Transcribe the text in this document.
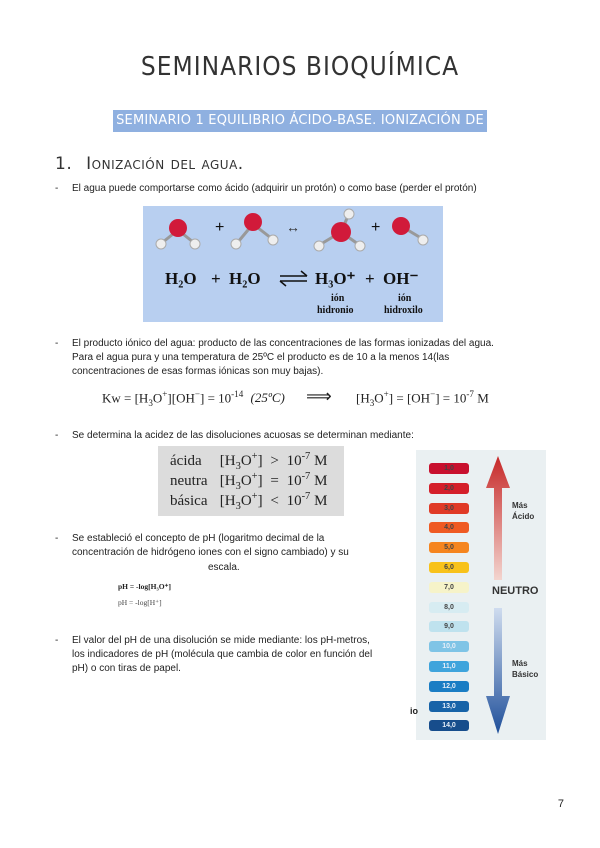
SEMINARIOS BIOQUÍMICA
SEMINARIO 1 EQUILIBRIO ÁCIDO-BASE. IONIZACIÓN DE AMINOÁCIDOS
1. Ionización del agua.
- El agua puede comportarse como ácido (adquirir un protón) o como base (perder el protón)
+	↔	+
H₂O + H₂O	H₃O⁺ + OH⁻
ión
hidronio
ión
hidroxilo
- El producto iónico del agua: producto de las concentraciones de las formas ionizadas del agua.
Para el agua pura y una temperatura de 25ºC el producto es de 10 a la menos 14(las
concentraciones de esas formas iónicas son muy bajas).
$Kw = [H_3O^+][OH^-] = 10^{-14}$ (25ºC) ⟹ $[H_3O^+] = [OH^-] = 10^{-7}$ M
- Se determina la acidez de las disoluciones acuosas se determinan mediante:
ácida $[H_3O^+] > 10^{-7}$ M
neutra $[H_3O^+] = 10^{-7}$ M
básica $[H_3O^+] < 10^{-7}$ M
1,0
2,0
3,0
4,0
5,0
6,0
7,0
8,0
9,0
10,0
11,0
12,0
13,0
14,0
Más
Ácido
NEUTRO
Más
Básico
io
- Se estableció el concepto de pH (logaritmo decimal de la
concentración de hidrógeno iones con el signo cambiado) y su
escala.
pH = -log[H₃O⁺]
pH = -log[H⁺]
- El valor del pH de una disolución se mide mediante: los pH-metros,
los indicadores de pH (molécula que cambia de color en función del
pH) o con tiras de papel.
7
